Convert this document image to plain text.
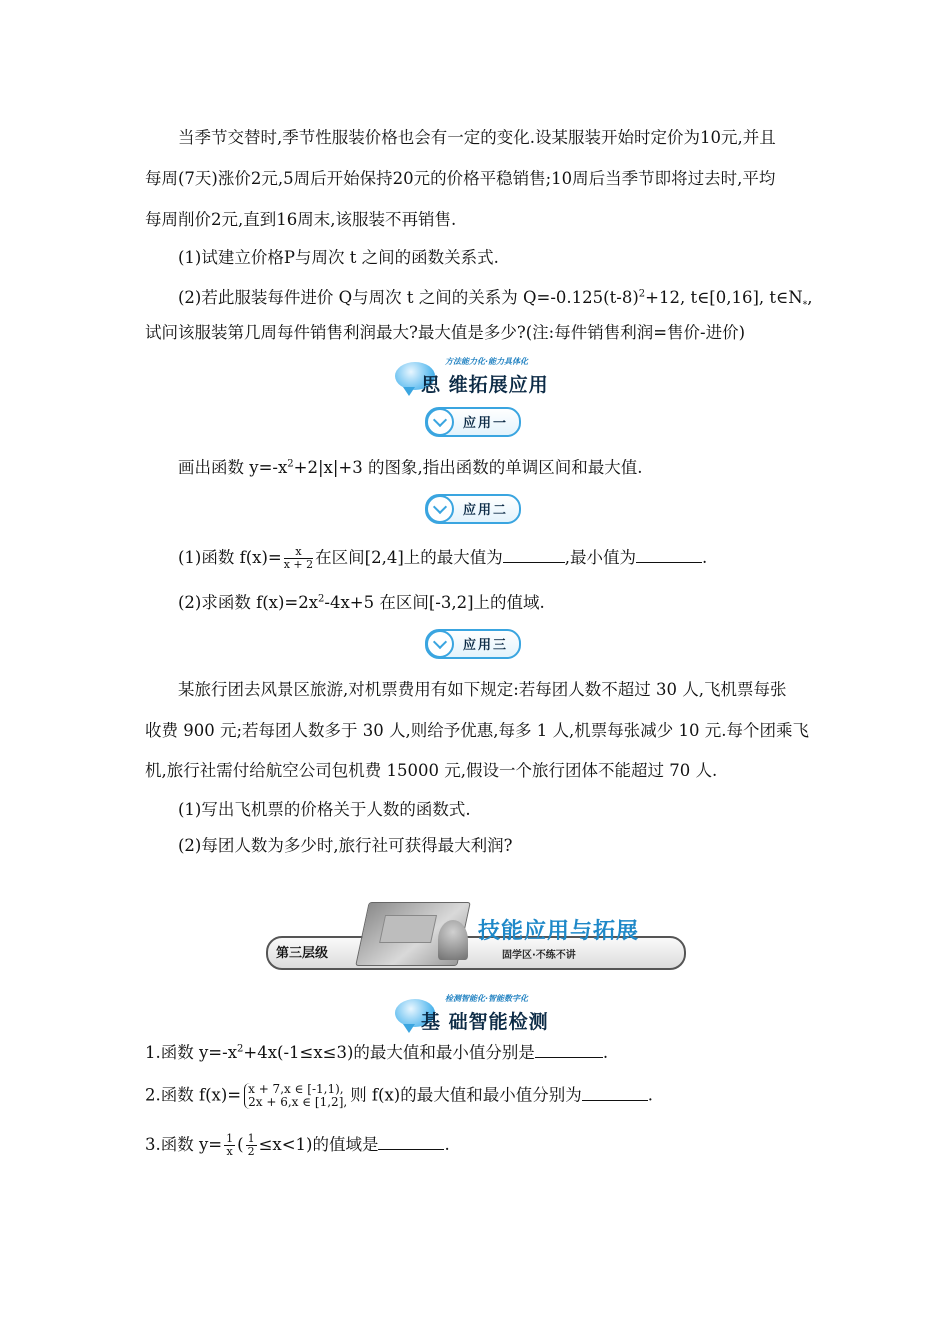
当季节交替时,季节性服装价格也会有一定的变化.设某服装开始时定价为10元,并且
每周(7天)涨价2元,5周后开始保持20元的价格平稳销售;10周后当季节即将过去时,平均
每周削价2元,直到16周末,该服装不再销售.
(1)试建立价格P与周次 t 之间的函数关系式.
(2)若此服装每件进价 Q与周次 t 之间的关系为 $Q=-0.125(t-8)^2+12$, t∈[0,16], $t\in N_*$,
试问该服装第几周每件销售利润最大?最大值是多少?(注:每件销售利润=售价-进价)
方法能力化·能力具体化
思 维拓展应用
应用一
画出函数 $y=-x^2+2|x|+3$ 的图象,指出函数的单调区间和最大值.
应用二
(1)函数 $f(x)= \frac{x}{x + 2}$ 在区间[2,4]上的最大值为	,最小值为	.
(2)求函数 $f(x)=2x^2-4x+5$ 在区间[-3,2]上的值域.
应用三
某旅行团去风景区旅游,对机票费用有如下规定:若每团人数不超过 30 人,飞机票每张
收费 900 元;若每团人数多于 30 人,则给予优惠,每多 1 人,机票每张减少 10 元.每个团乘飞
机,旅行社需付给航空公司包机费 15000 元,假设一个旅行团体不能超过 70 人.
(1)写出飞机票的价格关于人数的函数式.
(2)每团人数为多少时,旅行社可获得最大利润?
第三层级
技能应用与拓展
固学区·不练不讲
检测智能化·智能数字化
基 础智能检测
1.函数 $y=-x^2+4x(-1\le x\le 3)$的最大值和最小值分别是	.
2.函数 f(x)= x + 7,x ∈ [-1,1),
2x + 6,x ∈ [1,2], 则 f(x)的最大值和最小值分别为	.
3.函数 $y= \frac{1}{x}$ ( $\frac{1}{2} \le x<1$)的值域是	.
